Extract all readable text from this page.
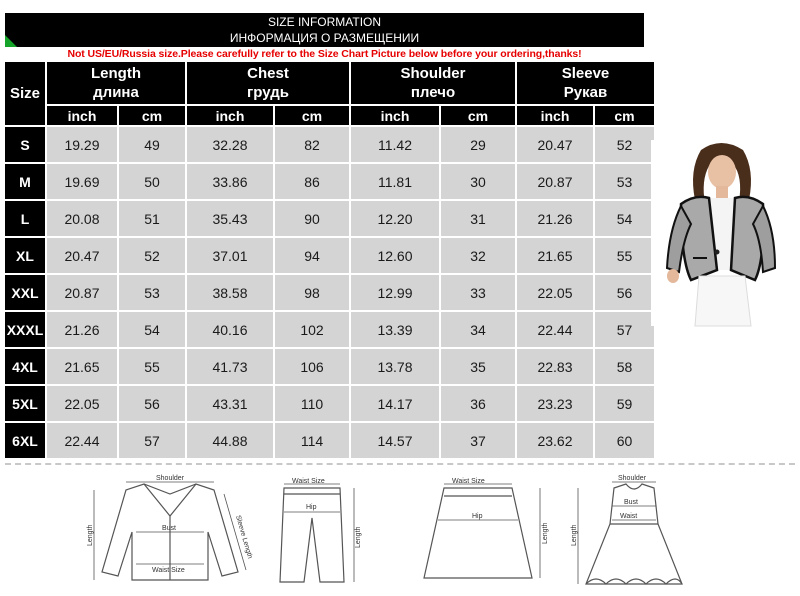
SIZE INFORMATION
ИНФОРМАЦИЯ О РАЗМЕЩЕНИИ
Not US/EU/Russia size.Please carefully refer to the Size Chart Picture below before your ordering,thanks!
Size
Length
длина
inch	cm
Chest
грудь
inch	cm
Shoulder
плечо
inch	cm
Sleeve
Рукав
inch	cm
S	19.29	49	32.28	82	11.42	29	20.47	52
M	19.69	50	33.86	86	11.81	30	20.87	53
L	20.08	51	35.43	90	12.20	31	21.26	54
XL	20.47	52	37.01	94	12.60	32	21.65	55
XXL	20.87	53	38.58	98	12.99	33	22.05	56
XXXL	21.26	54	40.16	102	13.39	34	22.44	57
4XL	21.65	55	41.73	106	13.78	35	22.83	58
5XL	22.05	56	43.31	110	14.17	36	23.23	59
6XL	22.44	57	44.88	114	14.57	37	23.62	60
Shoulder
Bust
Waist Size
Length	Sleeve Length
Waist Size
Hip
Length
Waist Size
Hip
Length
Shoulder
Bust
Waist
Length
